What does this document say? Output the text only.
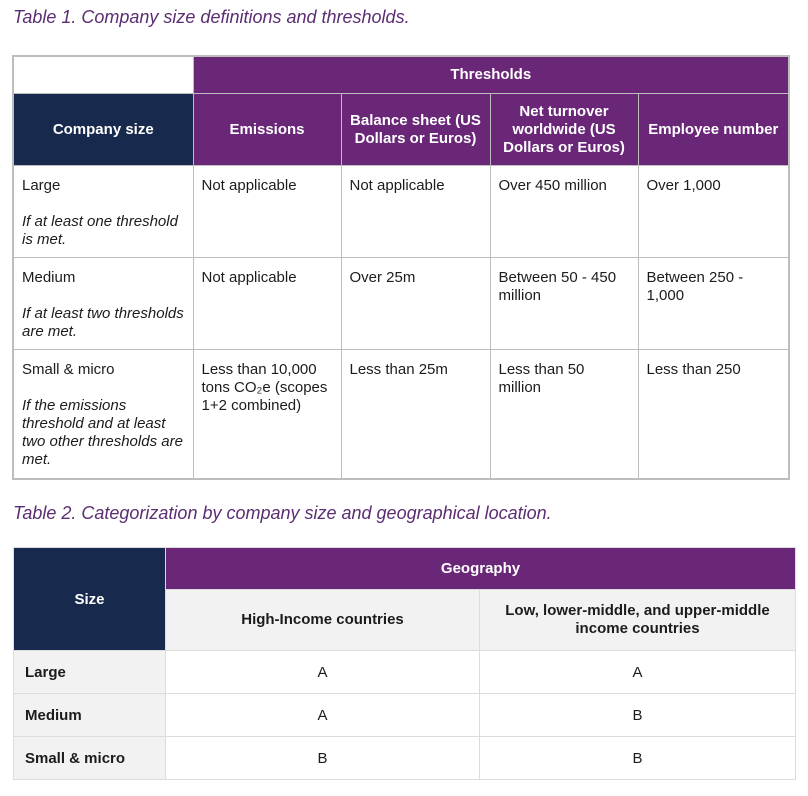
Table 1. Company size definitions and thresholds.
	Thresholds			
Company size	Emissions	Balance sheet (US Dollars or Euros)	Net turnover worldwide (US Dollars or Euros)	Employee number

Large
If at least one threshold is met.	Not applicable	Not applicable	Over 450 million	Over 1,000

Medium
If at least two thresholds are met.	Not applicable	Over 25m	Between 50 - 450 million	Between 250 - 1,000

Small & micro
If the emissions threshold and at least two other thresholds are met.	Less than 10,000 tons CO₂e (scopes 1+2 combined)	Less than 25m	Less than 50 million	Less than 250
Table 2. Categorization by company size and geographical location.
Size	Geography	
	High-Income countries	Low, lower-middle, and upper-middle income countries
Large	A	A
Medium	A	B
Small & micro	B	B
